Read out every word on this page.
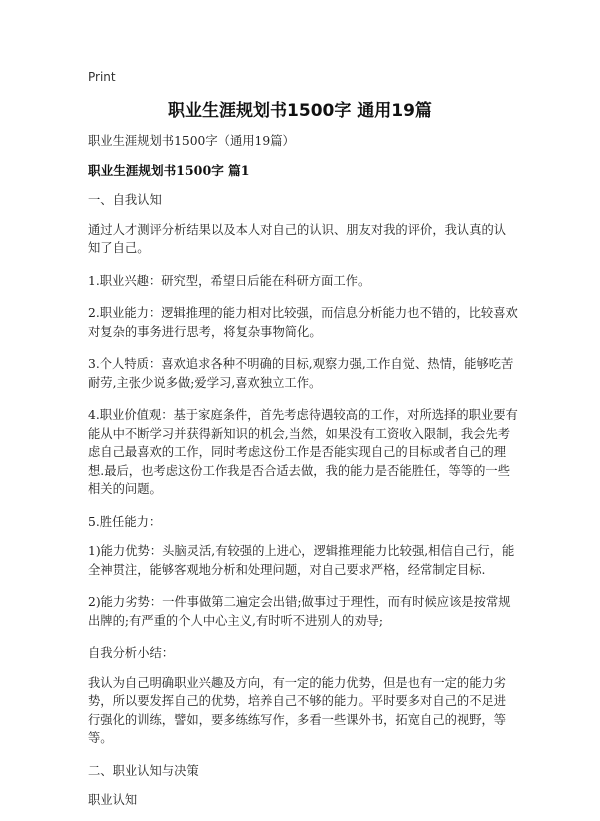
Print
职业生涯规划书1500字 通用19篇

职业生涯规划书1500字（通用19篇）

职业生涯规划书1500字 篇1

一、自我认知

通过人才测评分析结果以及本人对自己的认识、朋友对我的评价，我认真的认知了自己。

1.职业兴趣：研究型，希望日后能在科研方面工作。

2.职业能力：逻辑推理的能力相对比较强，而信息分析能力也不错的，比较喜欢对复杂的事务进行思考，将复杂事物简化。

3.个人特质：喜欢追求各种不明确的目标,观察力强,工作自觉、热情，能够吃苦耐劳,主张少说多做;爱学习,喜欢独立工作。

4.职业价值观：基于家庭条件，首先考虑待遇较高的工作，对所选择的职业要有能从中不断学习并获得新知识的机会,当然，如果没有工资收入限制，我会先考虑自己最喜欢的工作，同时考虑这份工作是否能实现自己的目标或者自己的理想.最后，也考虑这份工作我是否合适去做，我的能力是否能胜任，等等的一些相关的问题。

5.胜任能力：

1)能力优势：头脑灵活,有较强的上进心，逻辑推理能力比较强,相信自己行，能全神贯注，能够客观地分析和处理问题，对自己要求严格，经常制定目标.

2)能力劣势：一件事做第二遍定会出错;做事过于理性，而有时候应该是按常规出牌的;有严重的个人中心主义,有时听不进别人的劝导;

自我分析小结：

我认为自己明确职业兴趣及方向，有一定的能力优势，但是也有一定的能力劣势，所以要发挥自己的优势，培养自己不够的能力。平时要多对自己的不足进行强化的训练，譬如，要多练练写作，多看一些课外书，拓宽自己的视野，等等。

二、职业认知与决策

职业认知
